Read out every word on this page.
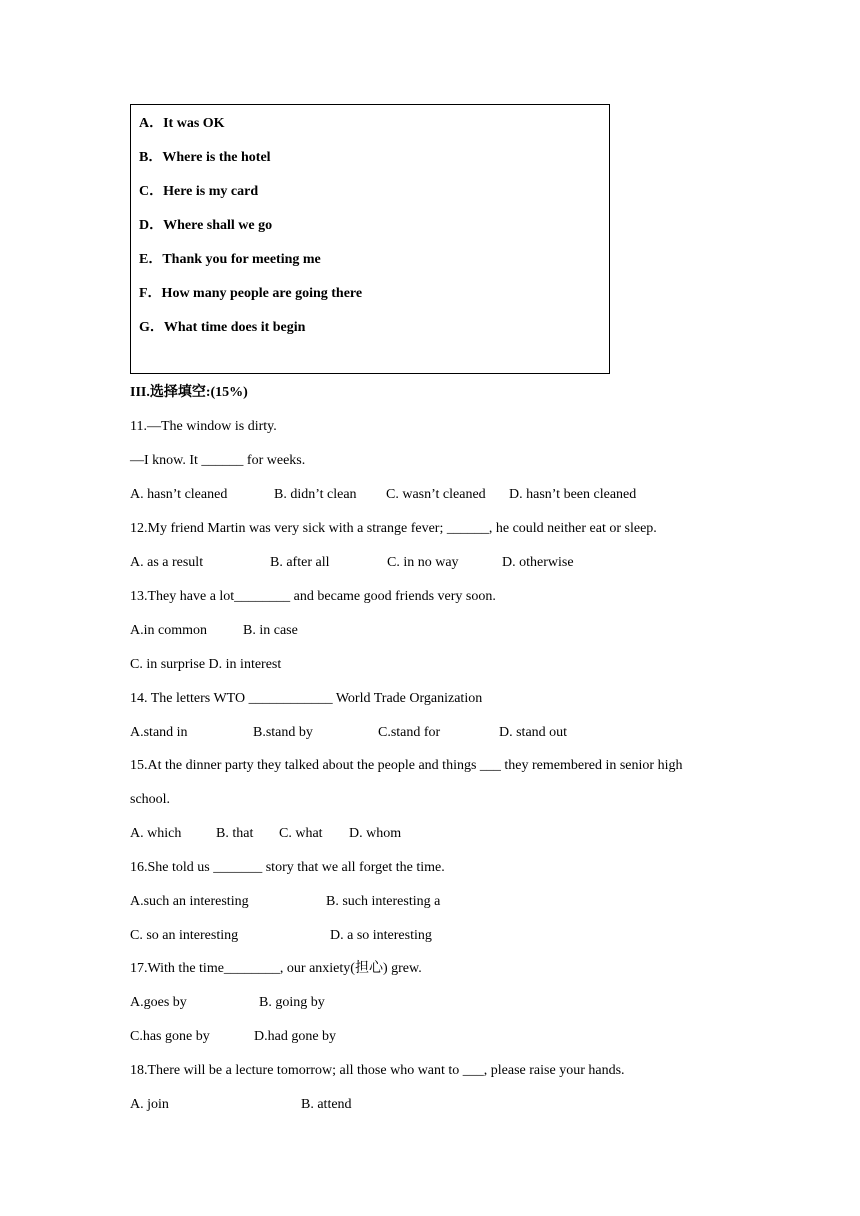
A．It was OK
B．Where is the hotel
C．Here is my card
D．Where shall we go
E．Thank you for meeting me
F．How many people are going there
G．What time does it begin
III.选择填空:(15%)
11.—The window is dirty.
—I know. It ______ for weeks.

A. hasn’t cleaned

	B. didn’t clean

C. wasn’t cleaned

D. hasn’t been cleaned

12.My friend Martin was very sick with a strange fever; ______, he could neither eat or sleep.

A. as a result

	B. after all

	C. in no way

	D. otherwise

13.They have a lot________ and became good friends very soon.

A.in common

	B. in case

C. in surprise D. in interest
14. The letters WTO ____________ World Trade Organization

A.stand in

	B.stand by

	C.stand for

	D. stand out

15.At the dinner party they talked about the people and things ___ they remembered in senior high
school.

A. which

B. that

C. what

D. whom

16.She told us _______ story that we all forget the time.

A.such an interesting

	B. such interesting a

C. so an interesting

	D. a so interesting

17.With the time________, our anxiety(担心) grew.

A.goes by

	B. going by

C.has gone by

	D.had gone by

18.There will be a lecture tomorrow; all those who want to ___, please raise your hands.

A. join

	B. attend
